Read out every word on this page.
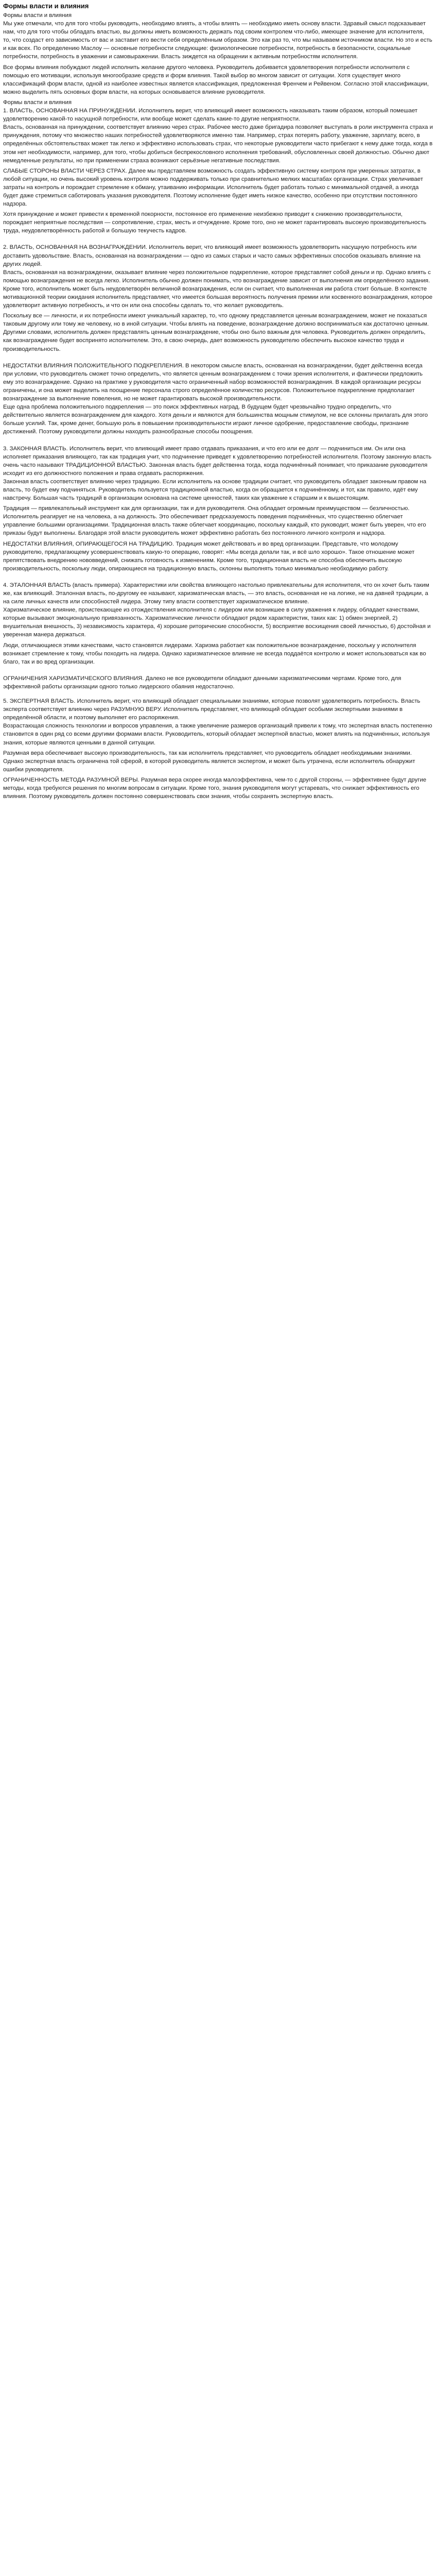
Формы власти и влияния

Формы власти и влияния

Мы уже отмечали, что для того чтобы руководить, необходимо влиять, а чтобы влиять — необходимо иметь основу власти. Здравый смысл подсказывает нам, что для того чтобы обладать властью, вы должны иметь возможность держать под своим контролем что-либо, имеющее значение для исполнителя, то, что создаст его зависимость от вас и заставит его вести себя определённым образом. Это как раз то, что мы называем источником власти. Но это и есть и как всех. По определению Маслоу — основные потребности следующие: физиологические потребности, потребность в безопасности, социальные потребности, потребность в уважении и самовыражении. Власть зиждется на обращении к активным потребностям исполнителя.

Все формы влияния побуждают людей исполнить желание другого человека. Руководитель добивается удовлетворения потребности исполнителя с помощью его мотивации, используя многообразие средств и форм влияния. Такой выбор во многом зависит от ситуации. Хотя существует много классификаций форм власти, одной из наиболее известных является классификация, предложенная Френчем и Рейвеном. Согласно этой классификации, можно выделить пять основных форм власти, на которых основывается влияние руководителя.

Формы власти и влияния

1. ВЛАСТЬ, ОСНОВАННАЯ НА ПРИНУЖДЕНИИ. Исполнитель верит, что влияющий имеет возможность наказывать таким образом, который помешает удовлетворению какой-то насущной потребности, или вообще может сделать какие-то другие неприятности.

Власть, основанная на принуждении, соответствует влиянию через страх. Рабочее место даже бригадира позволяет выступать в роли инструмента страха и принуждения, потому что множество наших потребностей удовлетворяются именно там. Например, страх потерять работу, уважение, зарплату, всего, в определённых обстоятельствах может так легко и эффективно использовать страх, что некоторые руководители часто прибегают к нему даже тогда, когда в этом нет необходимости, например, для того, чтобы добиться беспрекословного исполнения требований, обусловленных своей должностью. Обычно дают немедленные результаты, но при применении страха возникают серьёзные негативные последствия.

СЛАБЫЕ СТОРОНЫ ВЛАСТИ ЧЕРЕЗ СТРАХ. Далее мы представляем возможность создать эффективную систему контроля при умеренных затратах, в любой ситуации, но очень высокий уровень контроля можно поддерживать только при сравнительно мелких масштабах организации. Страх увеличивает затраты на контроль и порождает стремление к обману, утаиванию информации. Исполнитель будет работать только с минимальной отдачей, а иногда будет даже стремиться саботировать указания руководителя. Поэтому исполнение будет иметь низкое качество, особенно при отсутствии постоянного надзора.

Хотя принуждение и может привести к временной покорности, постоянное его применение неизбежно приводит к снижению производительности, порождает неприятные последствия — сопротивление, страх, месть и отчуждение. Кроме того, оно не может гарантировать высокую производительность труда, неудовлетворённость работой и большую текучесть кадров.

2. ВЛАСТЬ, ОСНОВАННАЯ НА ВОЗНАГРАЖДЕНИИ. Исполнитель верит, что влияющий имеет возможность удовлетворить насущную потребность или доставить удовольствие. Власть, основанная на вознаграждении — одно из самых старых и часто самых эффективных способов оказывать влияние на других людей.

Власть, основанная на вознаграждении, оказывает влияние через положительное подкрепление, которое представляет собой деньги и пр. Однако влиять с помощью вознаграждения не всегда легко. Исполнитель обычно должен понимать, что вознаграждение зависит от выполнения им определённого задания. Кроме того, исполнитель может быть неудовлетворён величиной вознаграждения, если он считает, что выполненная им работа стоит больше. В контексте мотивационной теории ожидания исполнитель представляет, что имеется большая вероятность получения премии или косвенного вознаграждения, которое удовлетворит активную потребность, и что он или она способны сделать то, что желает руководитель.

Поскольку все — личности, и их потребности имеют уникальный характер, то, что одному представляется ценным вознаграждением, может не показаться таковым другому или тому же человеку, но в иной ситуации. Чтобы влиять на поведение, вознаграждение должно восприниматься как достаточно ценным. Другими словами, исполнитель должен представлять ценным вознаграждение, чтобы оно было важным для человека. Руководитель должен определить, как вознаграждение будет воспринято исполнителем. Это, в свою очередь, дает возможность руководителю обеспечить высокое качество труда и производительность.

НЕДОСТАТКИ ВЛИЯНИЯ ПОЛОЖИТЕЛЬНОГО ПОДКРЕПЛЕНИЯ. В некотором смысле власть, основанная на вознаграждении, будет действенна всегда при условии, что руководитель сможет точно определить, что является ценным вознаграждением с точки зрения исполнителя, и фактически предложить ему это вознаграждение. Однако на практике у руководителя часто ограниченный набор возможностей вознаграждения. В каждой организации ресурсы ограничены, и она может выделить на поощрение персонала строго определённое количество ресурсов. Положительное подкрепление предполагает вознаграждение за выполнение повеления, но не может гарантировать высокой производительности.

Еще одна проблема положительного подкрепления — это поиск эффективных наград. В будущем будет чрезвычайно трудно определить, что действительно является вознаграждением для каждого. Хотя деньги и являются для большинства мощным стимулом, не все склонны прилагать для этого больше усилий. Так, кроме денег, большую роль в повышении производительности играют личное одобрение, предоставление свободы, признание достижений. Поэтому руководители должны находить разнообразные способы поощрения.

3. ЗАКОННАЯ ВЛАСТЬ. Исполнитель верит, что влияющий имеет право отдавать приказания, и что его или ее долг — подчиниться им. Он или она исполняет приказания влияющего, так как традиция учит, что подчинение приведет к удовлетворению потребностей исполнителя. Поэтому законную власть очень часто называют ТРАДИЦИОННОЙ ВЛАСТЬЮ. Законная власть будет действенна тогда, когда подчинённый понимает, что приказание руководителя исходит из его должностного положения и права отдавать распоряжения.

Законная власть соответствует влиянию через традицию. Если исполнитель на основе традиции считает, что руководитель обладает законным правом на власть, то будет ему подчиняться. Руководитель пользуется традиционной властью, когда он обращается к подчинённому, и тот, как правило, идёт ему навстречу. Большая часть традиций в организации основана на системе ценностей, таких как уважение к старшим и к вышестоящим.

Традиция — привлекательный инструмент как для организации, так и для руководителя. Она обладает огромным преимуществом — безличностью. Исполнитель реагирует не на человека, а на должность. Это обеспечивает предсказуемость поведения подчинённых, что существенно облегчает управление большими организациями. Традиционная власть также облегчает координацию, поскольку каждый, кто руководит, может быть уверен, что его приказы будут выполнены. Благодаря этой власти руководитель может эффективно работать без постоянного личного контроля и надзора.

НЕДОСТАТКИ ВЛИЯНИЯ, ОПИРАЮЩЕГОСЯ НА ТРАДИЦИЮ. Традиция может действовать и во вред организации. Представьте, что молодому руководителю, предлагающему усовершенствовать какую-то операцию, говорят: «Мы всегда делали так, и всё шло хорошо». Такое отношение может препятствовать внедрению нововведений, снижать готовность к изменениям. Кроме того, традиционная власть не способна обеспечить высокую производительность, поскольку люди, опирающиеся на традиционную власть, склонны выполнять только минимально необходимую работу.

4. ЭТАЛОННАЯ ВЛАСТЬ (власть примера). Характеристики или свойства влияющего настолько привлекательны для исполнителя, что он хочет быть таким же, как влияющий. Эталонная власть, по-другому ее называют, харизматическая власть, — это власть, основанная не на логике, не на давней традиции, а на силе личных качеств или способностей лидера. Этому типу власти соответствует харизматическое влияние.

Харизматическое влияние, проистекающее из отождествления исполнителя с лидером или возникшее в силу уважения к лидеру, обладает качествами, которые вызывают эмоциональную привязанность. Харизматические личности обладают рядом характеристик, таких как: 1) обмен энергией, 2) внушительная внешность, 3) независимость характера, 4) хорошие риторические способности, 5) восприятие восхищения своей личностью, 6) достойная и уверенная манера держаться.

Люди, отличающиеся этими качествами, часто становятся лидерами. Харизма работает как положительное вознаграждение, поскольку у исполнителя возникает стремление к тому, чтобы походить на лидера. Однако харизматическое влияние не всегда поддаётся контролю и может использоваться как во благо, так и во вред организации.

ОГРАНИЧЕНИЯ ХАРИЗМАТИЧЕСКОГО ВЛИЯНИЯ. Далеко не все руководители обладают данными харизматическими чертами. Кроме того, для эффективной работы организации одного только лидерского обаяния недостаточно.

5. ЭКСПЕРТНАЯ ВЛАСТЬ. Исполнитель верит, что влияющий обладает специальными знаниями, которые позволят удовлетворить потребность. Власть эксперта соответствует влиянию через РАЗУМНУЮ ВЕРУ. Исполнитель представляет, что влияющий обладает особыми экспертными знаниями в определённой области, и поэтому выполняет его распоряжения.

Возрастающая сложность технологии и вопросов управления, а также увеличение размеров организаций привели к тому, что экспертная власть постепенно становится в один ряд со всеми другими формами власти. Руководитель, который обладает экспертной властью, может влиять на подчинённых, используя знания, которые являются ценными в данной ситуации.

Разумная вера обеспечивает высокую производительность, так как исполнитель представляет, что руководитель обладает необходимыми знаниями. Однако экспертная власть ограничена той сферой, в которой руководитель является экспертом, и может быть утрачена, если исполнитель обнаружит ошибки руководителя.

ОГРАНИЧЕННОСТЬ МЕТОДА РАЗУМНОЙ ВЕРЫ. Разумная вера скорее иногда малоэффективна, чем-то с другой стороны, — эффективнее будут другие методы, когда требуются решения по многим вопросам в ситуации. Кроме того, знания руководителя могут устаревать, что снижает эффективность его влияния. Поэтому руководитель должен постоянно совершенствовать свои знания, чтобы сохранять экспертную власть.
